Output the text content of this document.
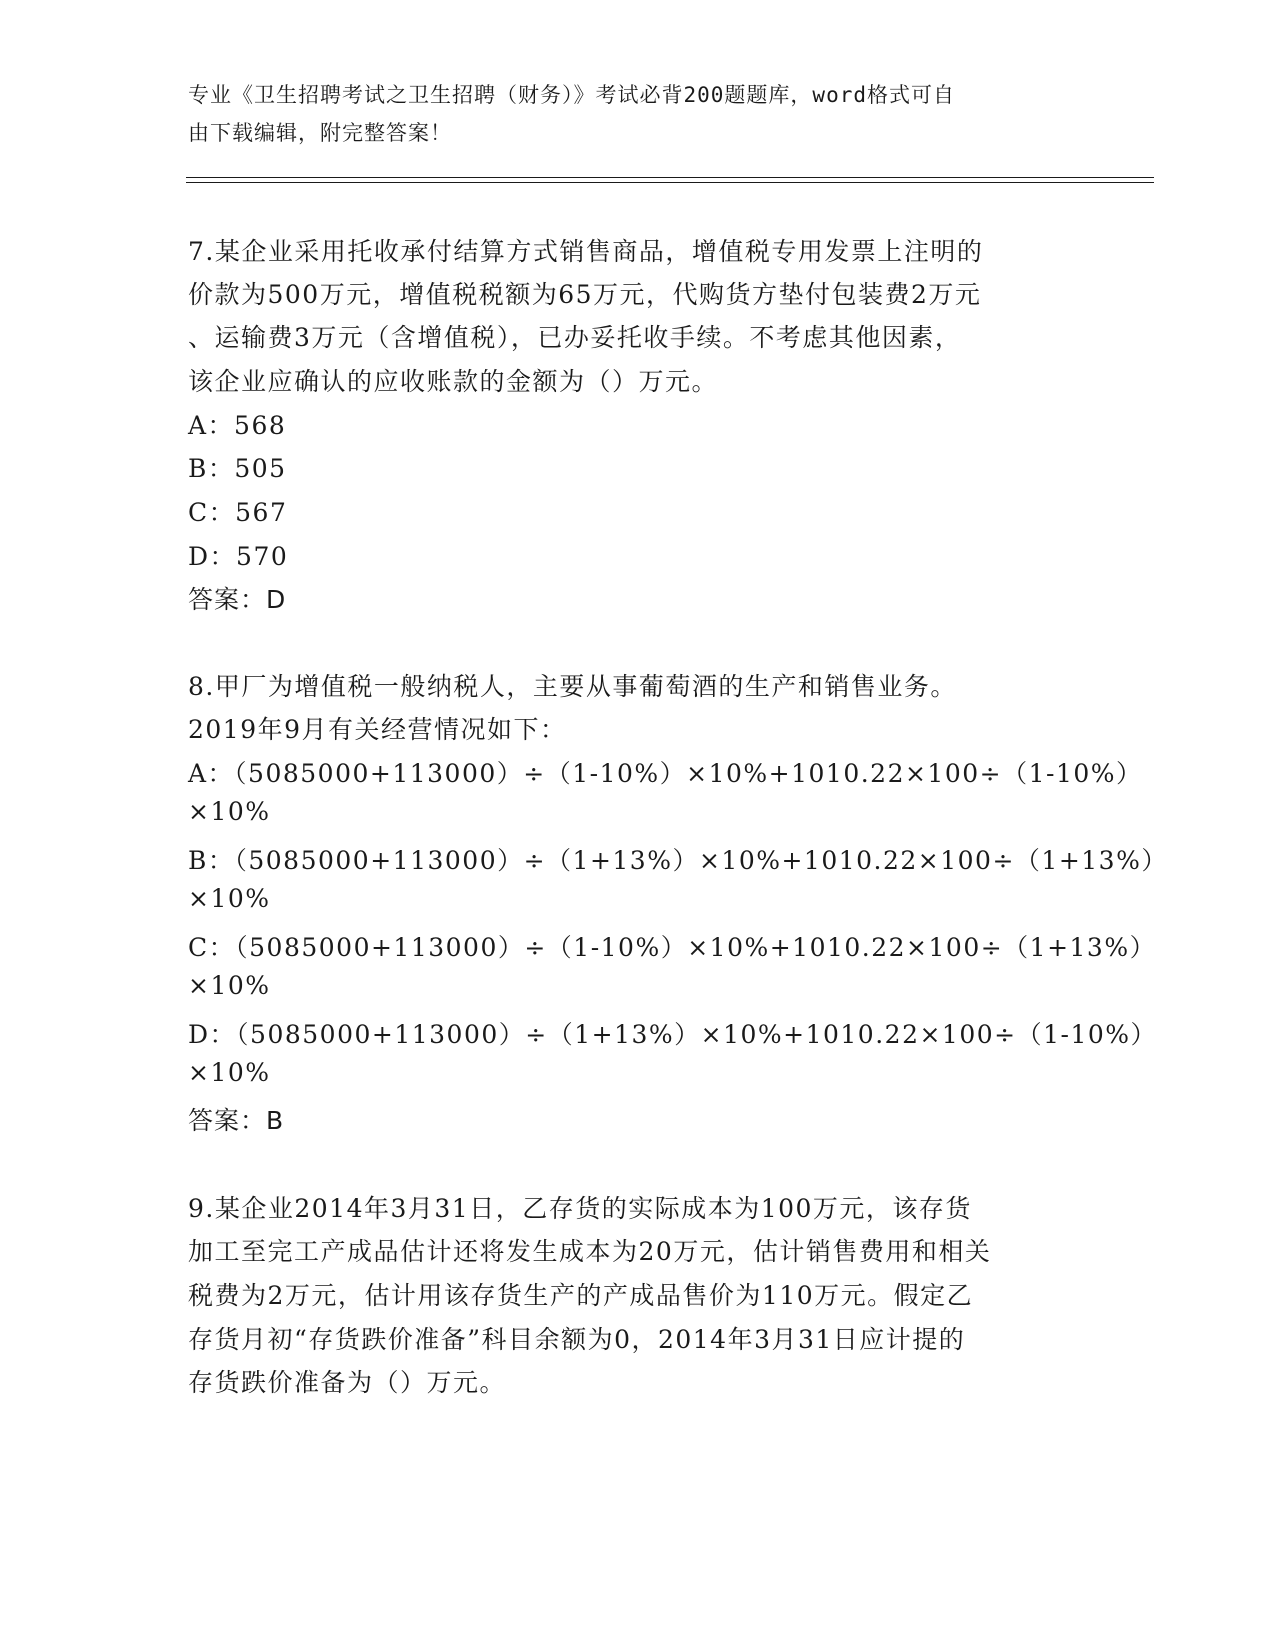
专业《卫生招聘考试之卫生招聘（财务）》考试必背200题题库，word格式可自
由下载编辑，附完整答案！
7.某企业采用托收承付结算方式销售商品，增值税专用发票上注明的
价款为500万元，增值税税额为65万元，代购货方垫付包装费2万元
、运输费3万元（含增值税），已办妥托收手续。不考虑其他因素，
该企业应确认的应收账款的金额为（）万元。
A：568
B：505
C：567
D：570
答案：D
8.甲厂为增值税一般纳税人，主要从事葡萄酒的生产和销售业务。
2019年9月有关经营情况如下：
A：（5085000+113000）÷（1-10%）×10%+1010.22×100÷（1-10%）
×10%
B：（5085000+113000）÷（1+13%）×10%+1010.22×100÷（1+13%）
×10%
C：（5085000+113000）÷（1-10%）×10%+1010.22×100÷（1+13%）
×10%
D：（5085000+113000）÷（1+13%）×10%+1010.22×100÷（1-10%）
×10%
答案：B
9.某企业2014年3月31日，乙存货的实际成本为100万元，该存货
加工至完工产成品估计还将发生成本为20万元，估计销售费用和相关
税费为2万元，估计用该存货生产的产成品售价为110万元。假定乙
存货月初“存货跌价准备”科目余额为0，2014年3月31日应计提的
存货跌价准备为（）万元。
